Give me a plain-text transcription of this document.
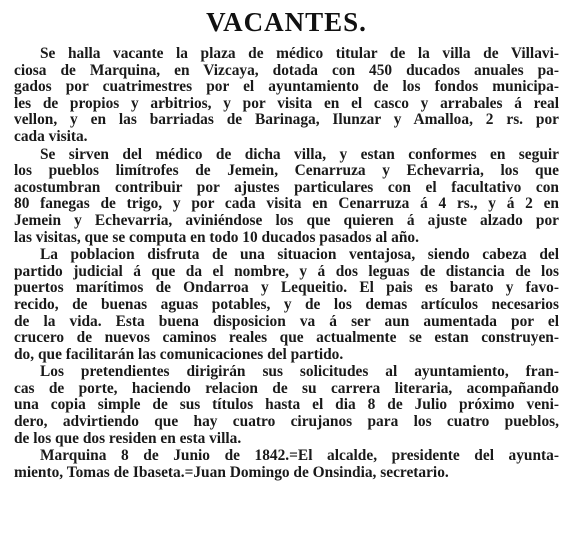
VACANTES.
Se halla vacante la plaza de médico titular de la villa de Villavi-
ciosa de Marquina, en Vizcaya, dotada con 450 ducados anuales pa-
gados por cuatrimestres por el ayuntamiento de los fondos municipa-
les de propios y arbitrios, y por visita en el casco y arrabales á real
vellon, y en las barriadas de Barinaga, Ilunzar y Amalloa, 2 rs. por
cada visita.
Se sirven del médico de dicha villa, y estan conformes en seguir
los pueblos limítrofes de Jemein, Cenarruza y Echevarria, los que
acostumbran contribuir por ajustes particulares con el facultativo con
80 fanegas de trigo, y por cada visita en Cenarruza á 4 rs., y á 2 en
Jemein y Echevarria, aviniéndose los que quieren á ajuste alzado por
las visitas, que se computa en todo 10 ducados pasados al año.
La poblacion disfruta de una situacion ventajosa, siendo cabeza del
partido judicial á que da el nombre, y á dos leguas de distancia de los
puertos marítimos de Ondarroa y Lequeitio. El pais es barato y favo-
recido, de buenas aguas potables, y de los demas artículos necesarios
de la vida. Esta buena disposicion va á ser aun aumentada por el
crucero de nuevos caminos reales que actualmente se estan construyen-
do, que facilitarán las comunicaciones del partido.
Los pretendientes dirigirán sus solicitudes al ayuntamiento, fran-
cas de porte, haciendo relacion de su carrera literaria, acompañando
una copia simple de sus títulos hasta el dia 8 de Julio próximo veni-
dero, advirtiendo que hay cuatro cirujanos para los cuatro pueblos,
de los que dos residen en esta villa.
Marquina 8 de Junio de 1842.=El alcalde, presidente del ayunta-
miento, Tomas de Ibaseta.=Juan Domingo de Onsindia, secretario.
